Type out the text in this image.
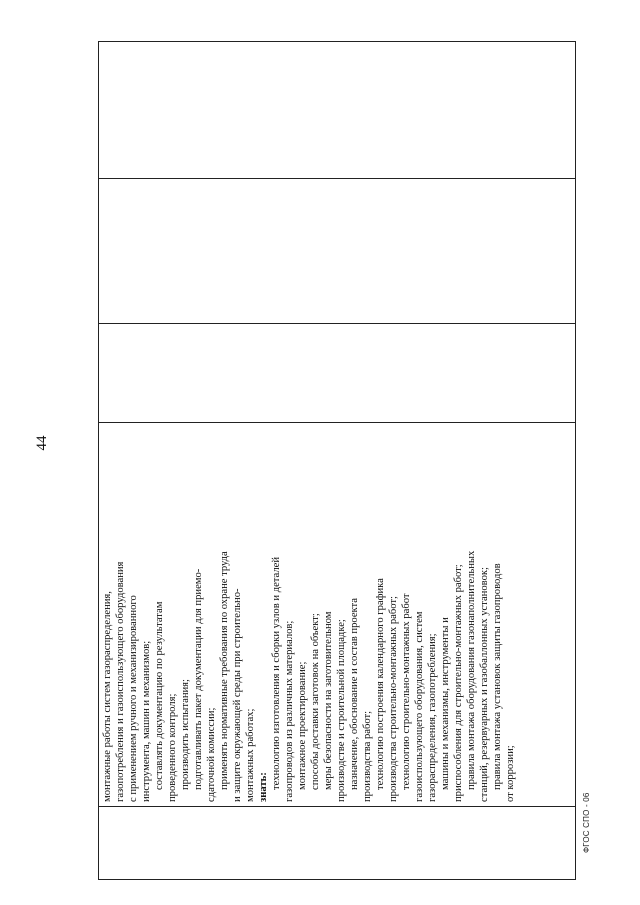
44

монтажные работы систем газораспределения, газопотребления и газоиспользующего оборудования с применением ручного и механизированного инструмента, машин и механизмов; составлять документацию по результатам проведенного контроля; производить испытания; подготавливать пакет документации для приемо- сдаточной комиссии; применять нормативные требования по охране труда и защите окружающей среды при строительно- монтажных работах; знать: технологию изготовления и сборки узлов и деталей газопроводов из различных материалов; монтажное проектирование; способы доставки заготовок на объект; меры безопасности на заготовительном производстве и строительной площадке; назначение, обоснование и состав проекта производства работ; технологию построения календарного графика производства строительно-монтажных работ; технологию строительно-монтажных работ газоиспользующего оборудования, систем газораспределения, газопотребления; машины и механизмы, инструменты и приспособления для строительно-монтажных работ; правила монтажа оборудования газонаполнительных станций, резервуарных и газобаллонных установок; правила монтажа установок защиты газопроводов от коррозии;

ФГОС СПО - 06
